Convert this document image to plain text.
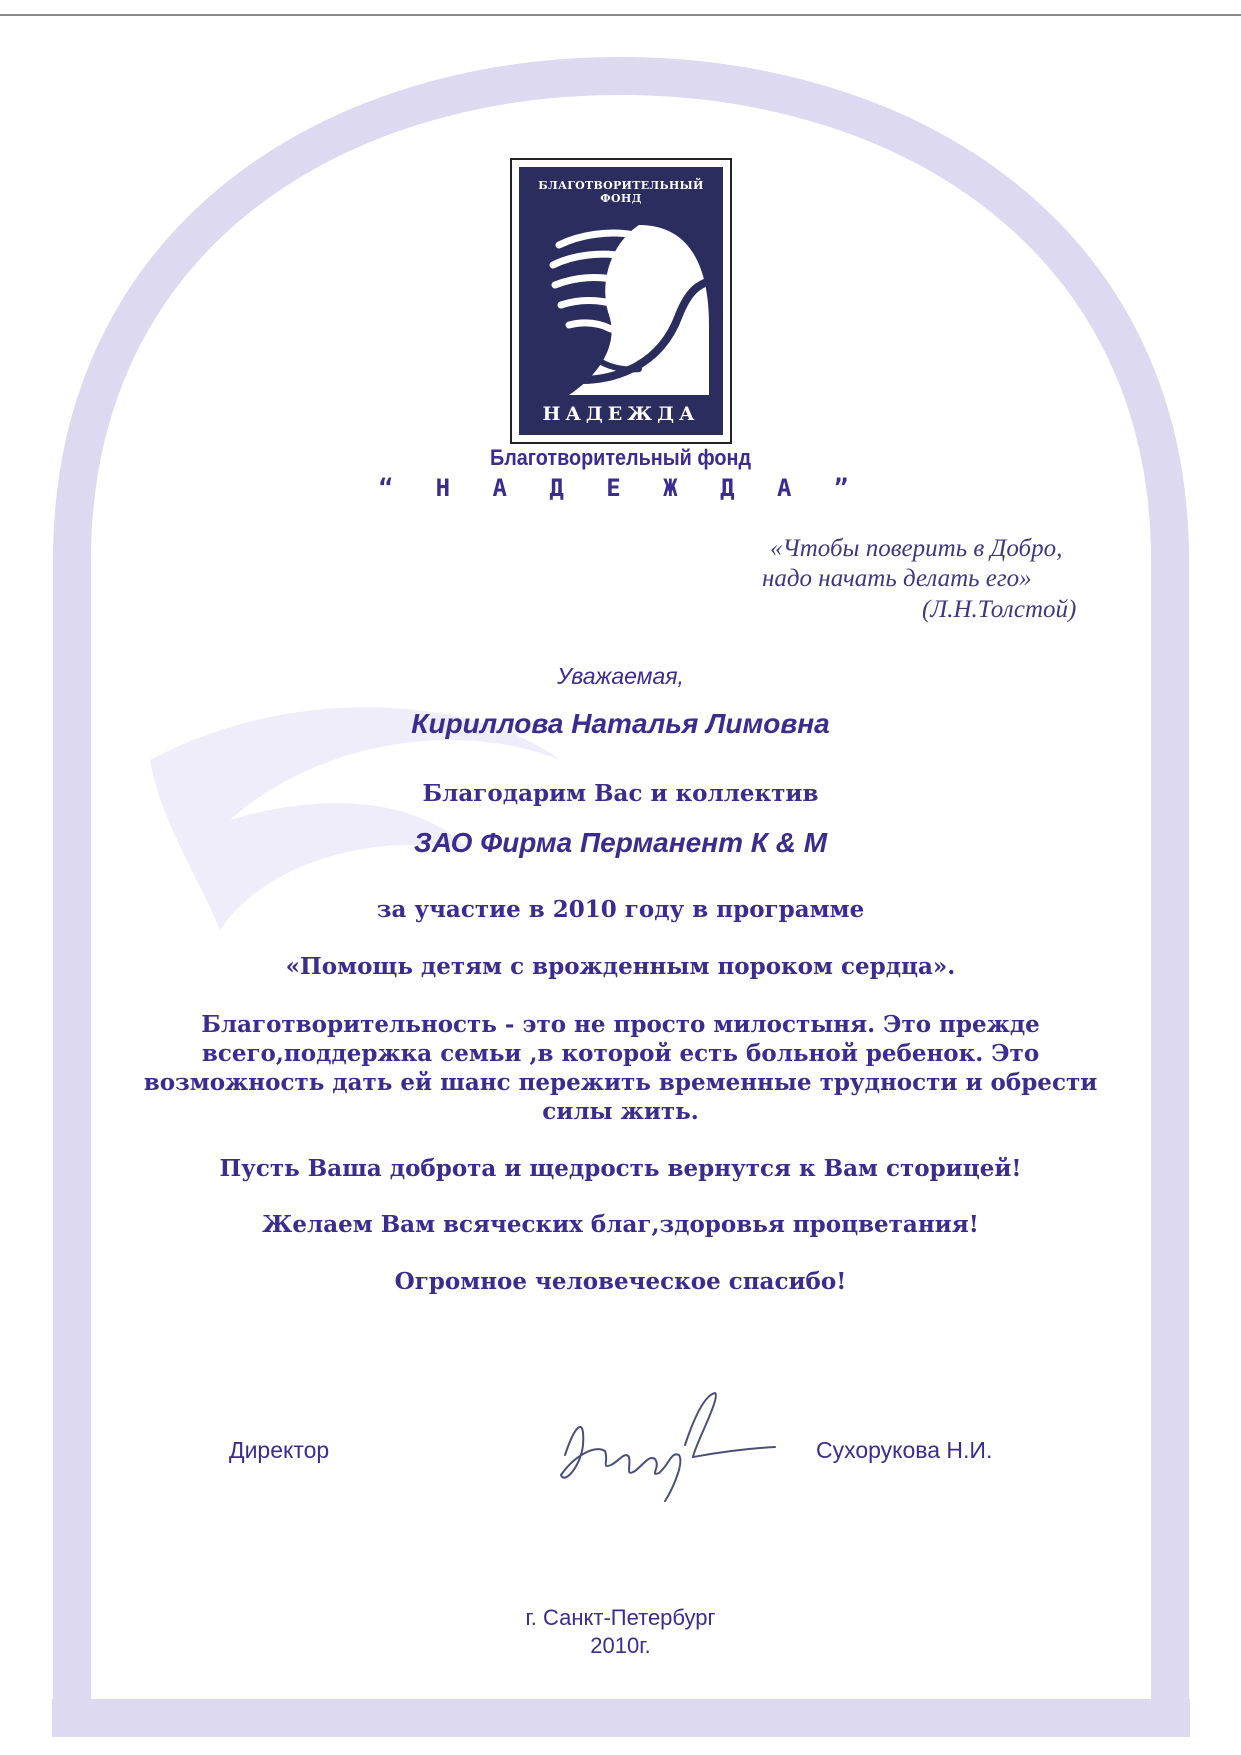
БЛАГОТВОРИТЕЛЬНЫЙ ФОНД
НАДЕЖДА
Благотворительный фонд
“ Н А Д Е Ж Д А ”
«Чтобы поверить в Добро,
надо начать делать его»
(Л.Н.Толстой)
Уважаемая,
Кириллова Наталья Лимовна
Благодарим Вас и коллектив
ЗАО Фирма Перманент К & М
за участие в 2010 году в программе
«Помощь детям с врожденным пороком сердца».
Благотворительность - это не просто милостыня. Это прежде всего,поддержка семьи ,в которой есть больной ребенок. Это возможность дать ей шанс пережить временные трудности и обрести силы жить.
Пусть Ваша доброта и щедрость вернутся к Вам сторицей!
Желаем Вам всяческих благ,здоровья процветания!
Огромное человеческое спасибо!
Директор	Сухорукова Н.И.
г. Санкт-Петербург
2010г.
